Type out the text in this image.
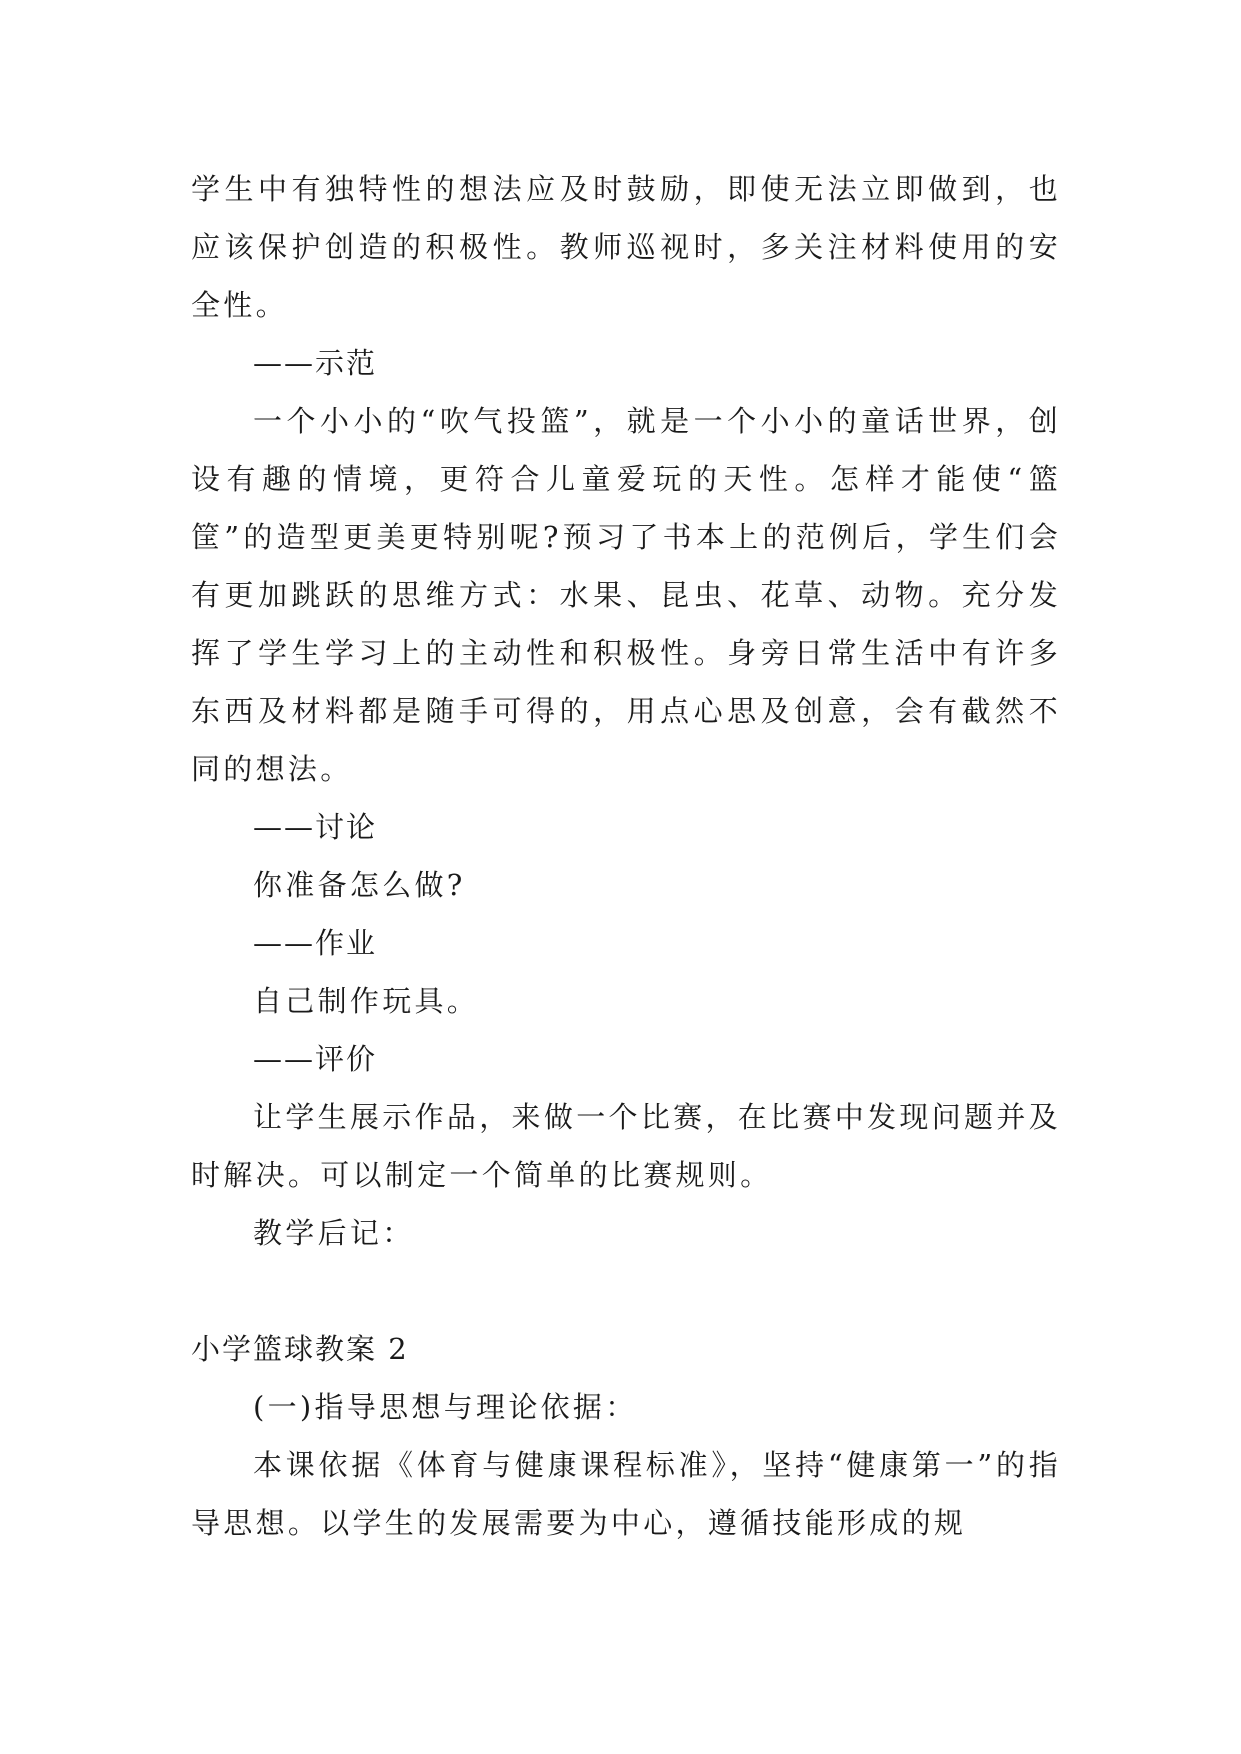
学生中有独特性的想法应及时鼓励，即使无法立即做到，也应该保护创造的积极性。教师巡视时，多关注材料使用的安全性。

——示范

一个小小的“吹气投篮”，就是一个小小的童话世界，创设有趣的情境，更符合儿童爱玩的天性。怎样才能使“篮筐”的造型更美更特别呢?预习了书本上的范例后，学生们会有更加跳跃的思维方式：水果、昆虫、花草、动物。充分发挥了学生学习上的主动性和积极性。身旁日常生活中有许多东西及材料都是随手可得的，用点心思及创意，会有截然不同的想法。

——讨论

你准备怎么做?

——作业

自己制作玩具。

——评价

让学生展示作品，来做一个比赛，在比赛中发现问题并及时解决。可以制定一个简单的比赛规则。

教学后记：

小学篮球教案 2

(一)指导思想与理论依据：

本课依据《体育与健康课程标准》，坚持“健康第一”的指导思想。以学生的发展需要为中心，遵循技能形成的规
